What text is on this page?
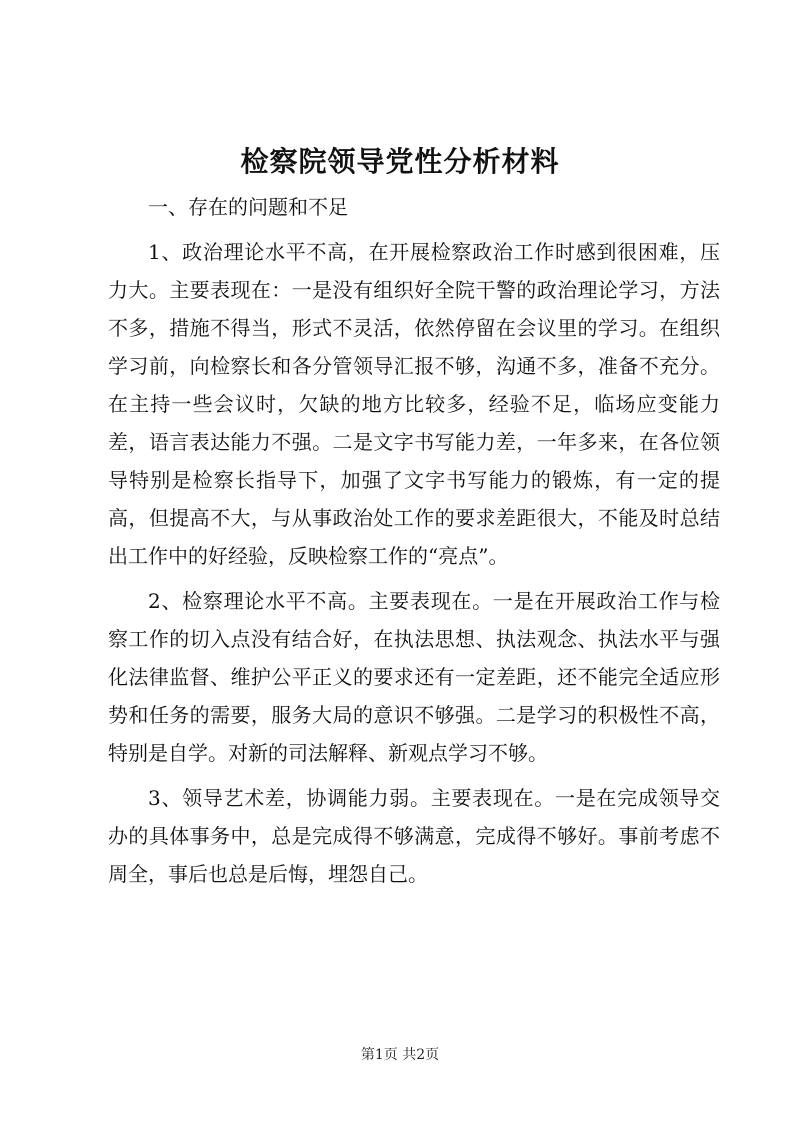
检察院领导党性分析材料

一、存在的问题和不足

1、政治理论水平不高，在开展检察政治工作时感到很困难，压力大。主要表现在：一是没有组织好全院干警的政治理论学习，方法不多，措施不得当，形式不灵活，依然停留在会议里的学习。在组织学习前，向检察长和各分管领导汇报不够，沟通不多，准备不充分。在主持一些会议时，欠缺的地方比较多，经验不足，临场应变能力差，语言表达能力不强。二是文字书写能力差，一年多来，在各位领导特别是检察长指导下，加强了文字书写能力的锻炼，有一定的提高，但提高不大，与从事政治处工作的要求差距很大，不能及时总结出工作中的好经验，反映检察工作的“亮点”。

2、检察理论水平不高。主要表现在。一是在开展政治工作与检察工作的切入点没有结合好，在执法思想、执法观念、执法水平与强化法律监督、维护公平正义的要求还有一定差距，还不能完全适应形势和任务的需要，服务大局的意识不够强。二是学习的积极性不高，特别是自学。对新的司法解释、新观点学习不够。

3、领导艺术差，协调能力弱。主要表现在。一是在完成领导交办的具体事务中，总是完成得不够满意，完成得不够好。事前考虑不周全，事后也总是后悔，埋怨自己。

第1页 共2页
